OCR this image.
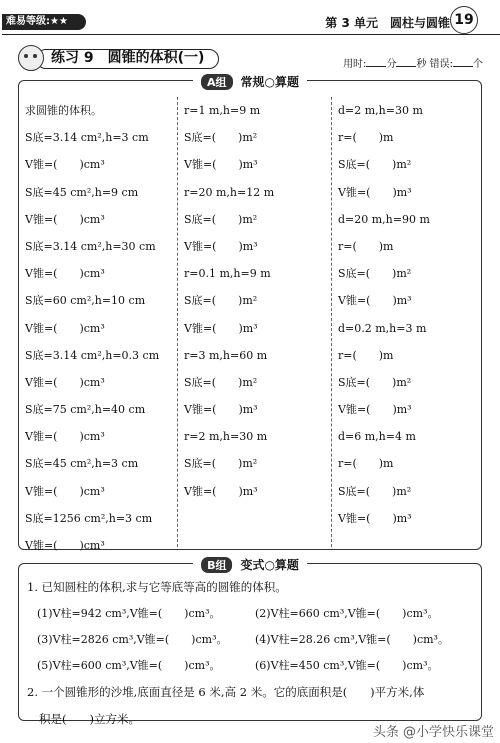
难易等级:★★	第 3 单元　圆柱与圆锥 19
练习 9　圆锥的体积(一)	用时: 分 秒 错误: 个
A组 常规○算题
求圆锥的体积。
S底=3.14 cm²,h=3 cm
V锥=(　　)cm³
S底=45 cm²,h=9 cm
V锥=(　　)cm³
S底=3.14 cm²,h=30 cm
V锥=(　　)cm³
S底=60 cm²,h=10 cm
V锥=(　　)cm³
S底=3.14 cm²,h=0.3 cm
V锥=(　　)cm³
S底=75 cm²,h=40 cm
V锥=(　　)cm³
S底=45 cm²,h=3 cm
V锥=(　　)cm³
S底=1256 cm²,h=3 cm
V锥=(　　)cm³
r=1 m,h=9 m
S底=(　　)m²
V锥=(　　)m³
r=20 m,h=12 m
S底=(　　)m²
V锥=(　　)m³
r=0.1 m,h=9 m
S底=(　　)m²
V锥=(　　)m³
r=3 m,h=60 m
S底=(　　)m²
V锥=(　　)m³
r=2 m,h=30 m
S底=(　　)m²
V锥=(　　)m³
d=2 m,h=30 m
r=(　　)m
S底=(　　)m²
V锥=(　　)m³
d=20 m,h=90 m
r=(　　)m
S底=(　　)m²
V锥=(　　)m³
d=0.2 m,h=3 m
r=(　　)m
S底=(　　)m²
V锥=(　　)m³
d=6 m,h=4 m
r=(　　)m
S底=(　　)m²
V锥=(　　)m³
B组 变式○算题
1. 已知圆柱的体积,求与它等底等高的圆锥的体积。
(1)V柱=942 cm³,V锥=(　　)cm³。	(2)V柱=660 cm³,V锥=(　　)cm³。
(3)V柱=2826 cm³,V锥=(　　)cm³。	(4)V柱=28.26 cm³,V锥=(　　)cm³。
(5)V柱=600 cm³,V锥=(　　)cm³。	(6)V柱=450 cm³,V锥=(　　)cm³。
2. 一个圆锥形的沙堆,底面直径是 6 米,高 2 米。它的底面积是(　　)平方米,体
积是(　　)立方米。
头条 @小学快乐课堂
